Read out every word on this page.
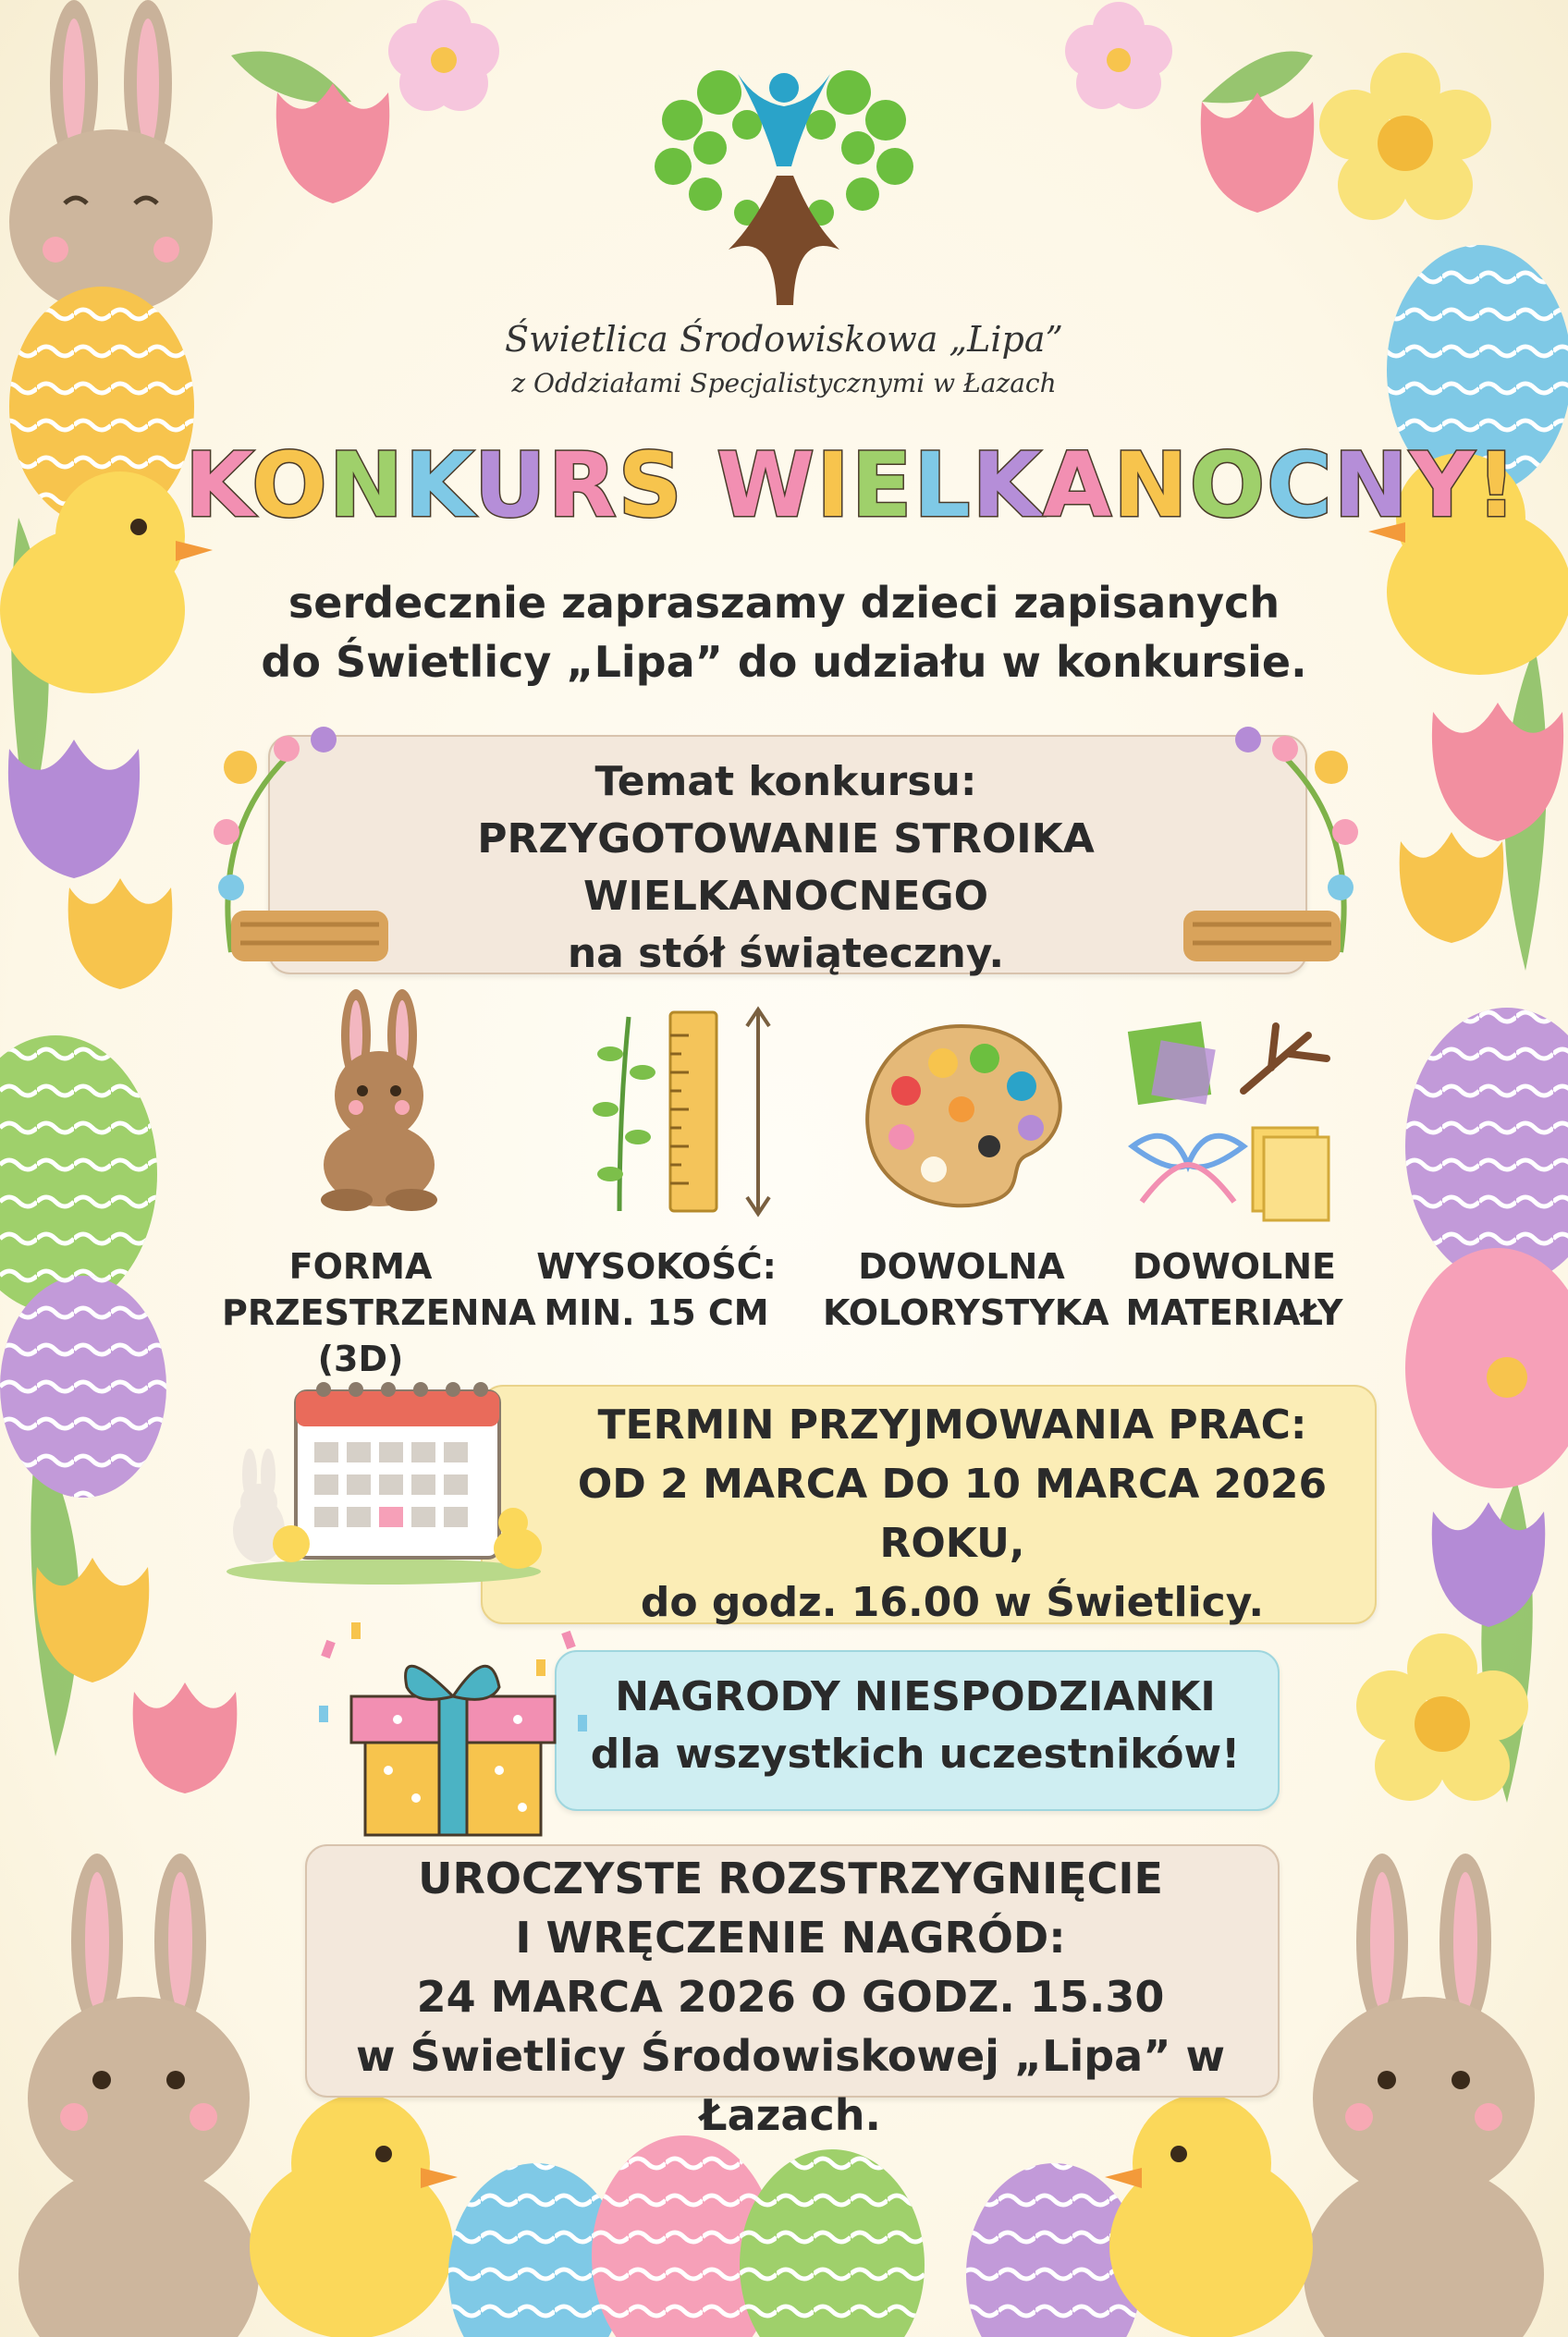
Świetlica Środowiskowa „Lipa”
z Oddziałami Specjalistycznymi w Łazach
KONKURS WIELKANOCNY!
serdecznie zapraszamy dzieci zapisanych
do Świetlicy „Lipa” do udziału w konkursie.
Temat konkursu:
PRZYGOTOWANIE STROIKA WIELKANOCNEGO
na stół świąteczny.
FORMA
PRZESTRZENNA (3D)
WYSOKOŚĆ:
MIN. 15 CM
DOWOLNA
KOLORYSTYKA
DOWOLNE
MATERIAŁY
TERMIN PRZYJMOWANIA PRAC:
OD 2 MARCA DO 10 MARCA 2026 ROKU,
do godz. 16.00 w Świetlicy.
NAGRODY NIESPODZIANKI
dla wszystkich uczestników!
UROCZYSTE ROZSTRZYGNIĘCIE
I WRĘCZENIE NAGRÓD:
24 MARCA 2026 O GODZ. 15.30
w Świetlicy Środowiskowej „Lipa” w Łazach.
